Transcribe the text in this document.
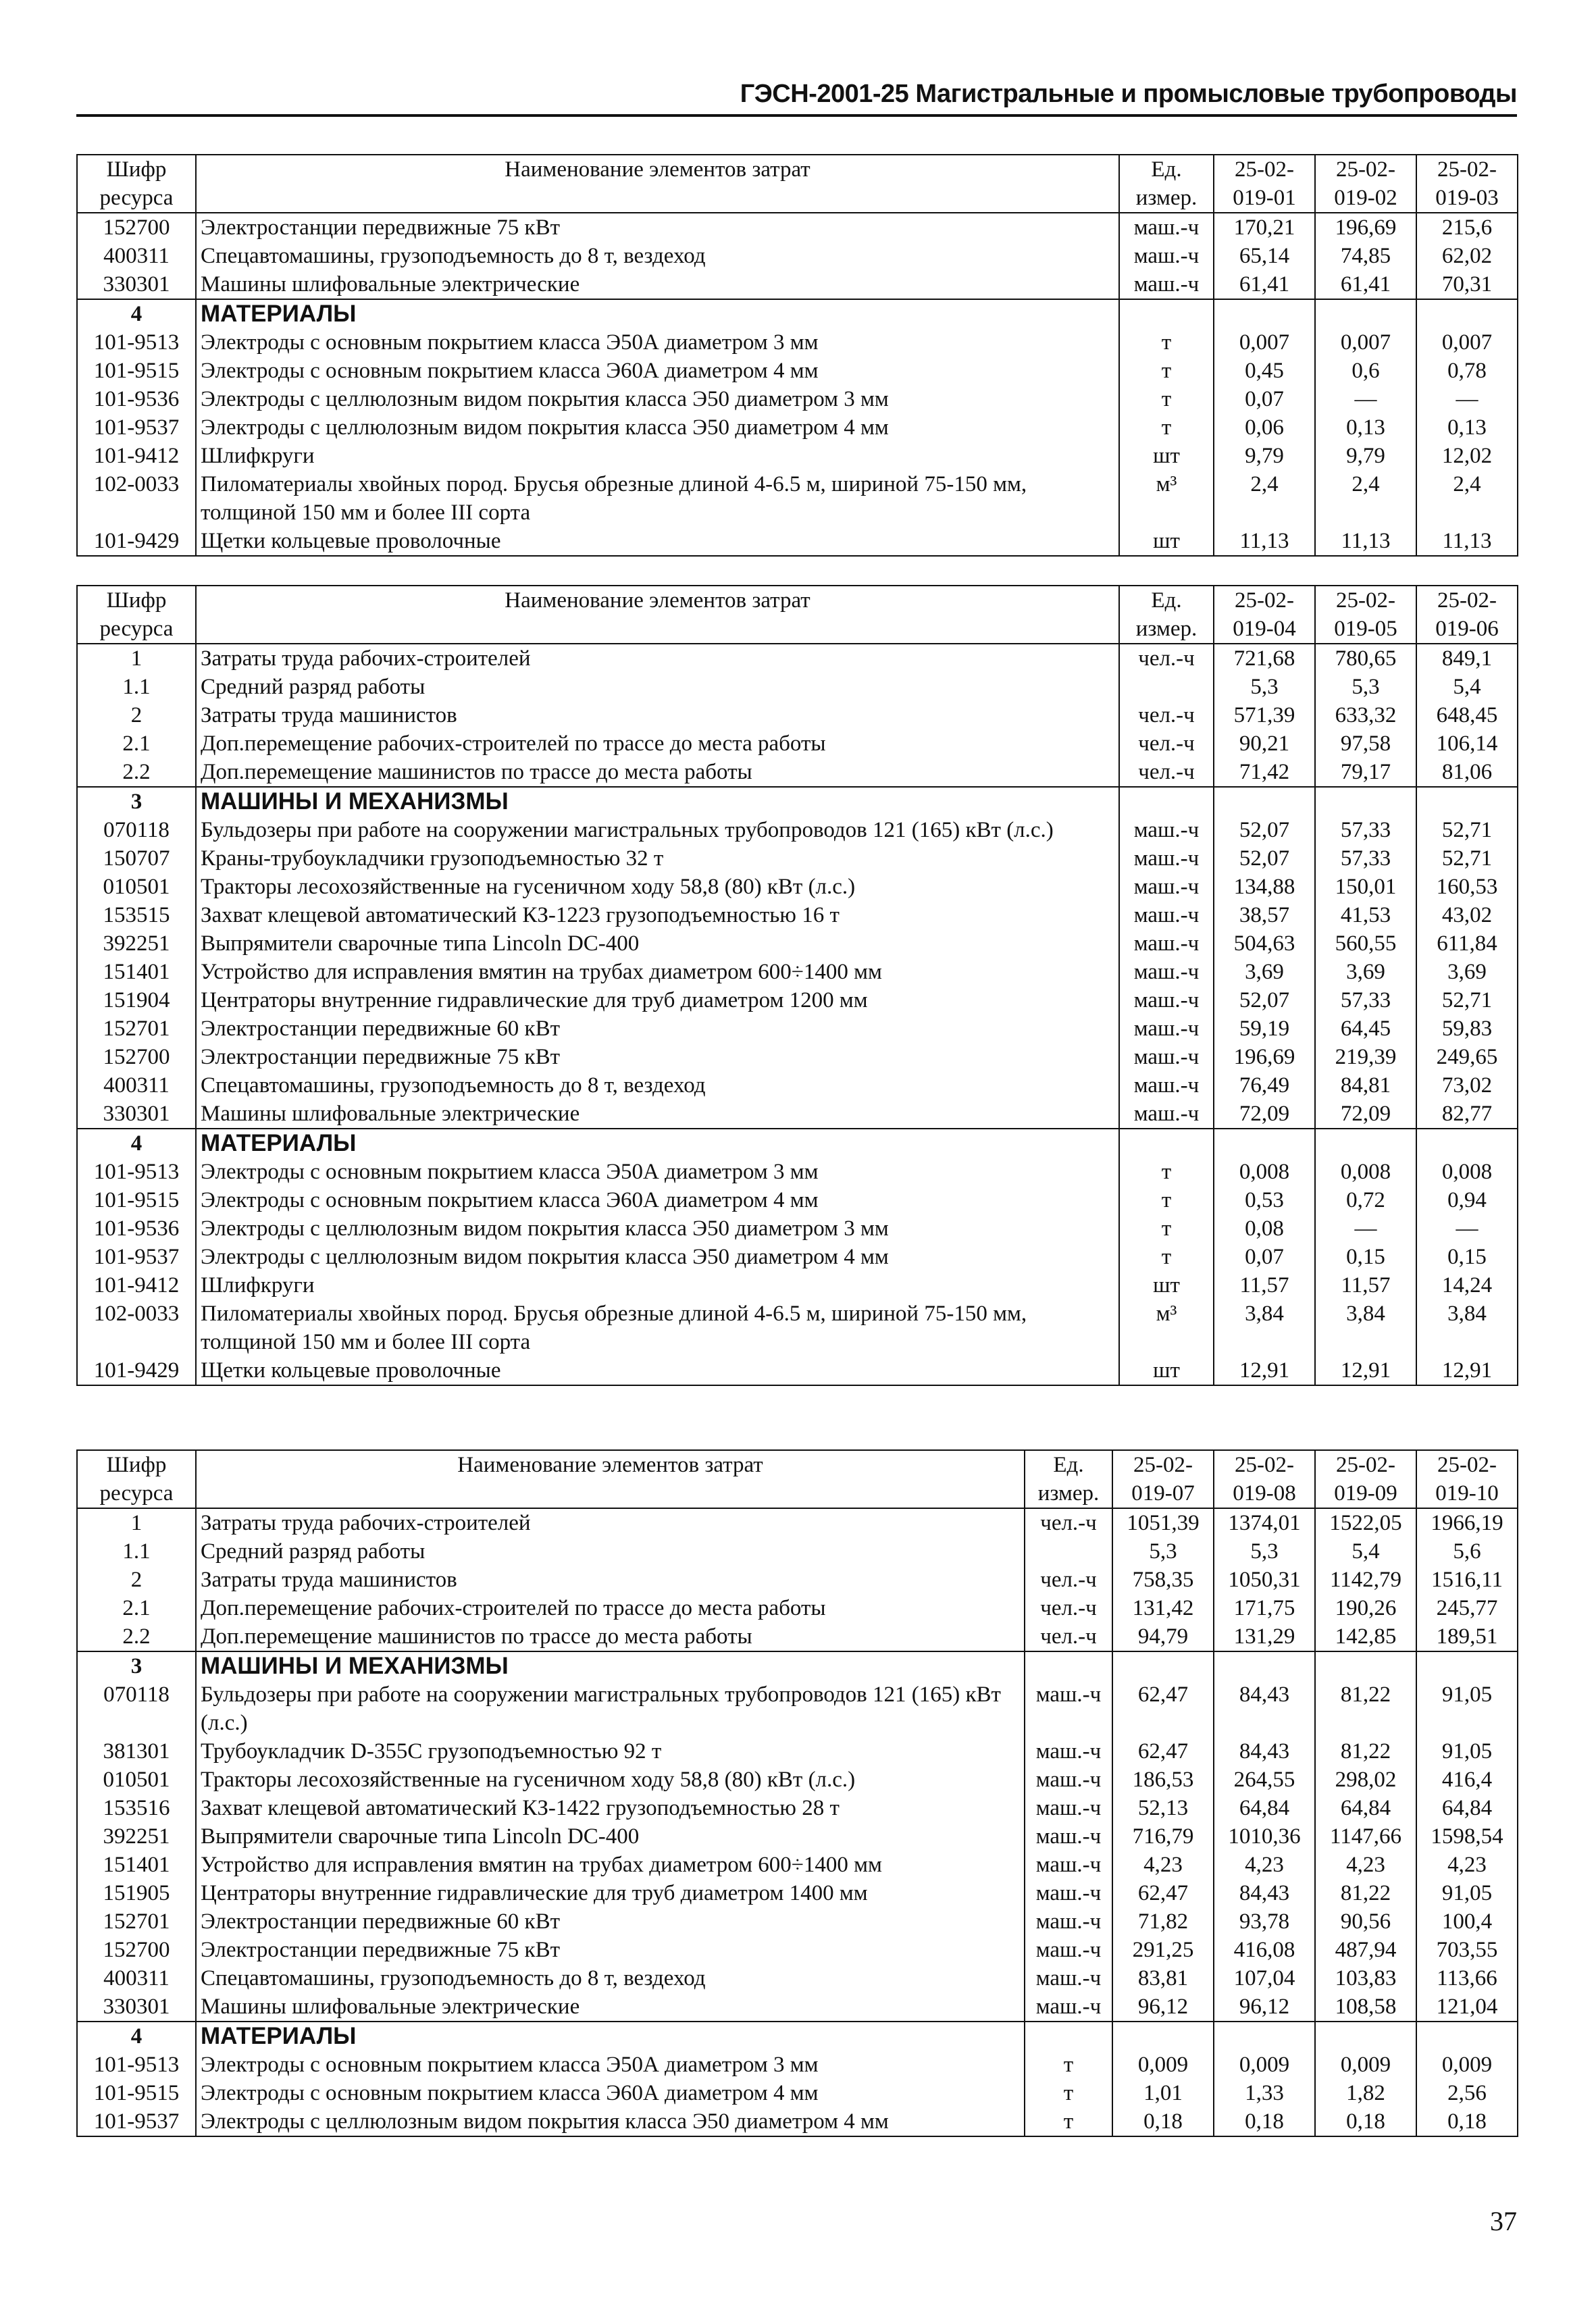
ГЭСН-2001-25 Магистральные и промысловые трубопроводы
Шифр ресурса	Наименование элементов затрат	Ед. измер.	25-02-019-01	25-02-019-02	25-02-019-03
152700	Электростанции передвижные 75 кВт	маш.-ч	170,21	196,69	215,6
400311	Спецавтомашины, грузоподъемность до 8 т, вездеход	маш.-ч	65,14	74,85	62,02
330301	Машины шлифовальные электрические	маш.-ч	61,41	61,41	70,31
4	МАТЕРИАЛЫ				
101-9513	Электроды с основным покрытием класса Э50А диаметром 3 мм	т	0,007	0,007	0,007
101-9515	Электроды с основным покрытием класса Э60А диаметром 4 мм	т	0,45	0,6	0,78
101-9536	Электроды с целлюлозным видом покрытия класса Э50 диаметром 3 мм	т	0,07	—	—
101-9537	Электроды с целлюлозным видом покрытия класса Э50 диаметром 4 мм	т	0,06	0,13	0,13
101-9412	Шлифкруги	шт	9,79	9,79	12,02
102-0033	Пиломатериалы хвойных пород. Брусья обрезные длиной 4-6.5 м, шириной 75-150 мм, толщиной 150 мм и более III сорта	м³	2,4	2,4	2,4
101-9429	Щетки кольцевые проволочные	шт	11,13	11,13	11,13
Шифр ресурса	Наименование элементов затрат	Ед. измер.	25-02-019-04	25-02-019-05	25-02-019-06
1	Затраты труда рабочих-строителей	чел.-ч	721,68	780,65	849,1
1.1	Средний разряд работы		5,3	5,3	5,4
2	Затраты труда машинистов	чел.-ч	571,39	633,32	648,45
2.1	Доп.перемещение рабочих-строителей по трассе до места работы	чел.-ч	90,21	97,58	106,14
2.2	Доп.перемещение машинистов по трассе до места работы	чел.-ч	71,42	79,17	81,06
3	МАШИНЫ И МЕХАНИЗМЫ				
070118	Бульдозеры при работе на сооружении магистральных трубопроводов 121 (165) кВт (л.с.)	маш.-ч	52,07	57,33	52,71
150707	Краны-трубоукладчики грузоподъемностью 32 т	маш.-ч	52,07	57,33	52,71
010501	Тракторы лесохозяйственные на гусеничном ходу 58,8 (80) кВт (л.с.)	маш.-ч	134,88	150,01	160,53
153515	Захват клещевой автоматический КЗ-1223 грузоподъемностью 16 т	маш.-ч	38,57	41,53	43,02
392251	Выпрямители сварочные типа Lincoln DC-400	маш.-ч	504,63	560,55	611,84
151401	Устройство для исправления вмятин на трубах диаметром 600÷1400 мм	маш.-ч	3,69	3,69	3,69
151904	Центраторы внутренние гидравлические для труб диаметром 1200 мм	маш.-ч	52,07	57,33	52,71
152701	Электростанции передвижные 60 кВт	маш.-ч	59,19	64,45	59,83
152700	Электростанции передвижные 75 кВт	маш.-ч	196,69	219,39	249,65
400311	Спецавтомашины, грузоподъемность до 8 т, вездеход	маш.-ч	76,49	84,81	73,02
330301	Машины шлифовальные электрические	маш.-ч	72,09	72,09	82,77
4	МАТЕРИАЛЫ				
101-9513	Электроды с основным покрытием класса Э50А диаметром 3 мм	т	0,008	0,008	0,008
101-9515	Электроды с основным покрытием класса Э60А диаметром 4 мм	т	0,53	0,72	0,94
101-9536	Электроды с целлюлозным видом покрытия класса Э50 диаметром 3 мм	т	0,08	—	—
101-9537	Электроды с целлюлозным видом покрытия класса Э50 диаметром 4 мм	т	0,07	0,15	0,15
101-9412	Шлифкруги	шт	11,57	11,57	14,24
102-0033	Пиломатериалы хвойных пород. Брусья обрезные длиной 4-6.5 м, шириной 75-150 мм, толщиной 150 мм и более III сорта	м³	3,84	3,84	3,84
101-9429	Щетки кольцевые проволочные	шт	12,91	12,91	12,91
Шифр ресурса	Наименование элементов затрат	Ед. измер.	25-02-019-07	25-02-019-08	25-02-019-09	25-02-019-10
1	Затраты труда рабочих-строителей	чел.-ч	1051,39	1374,01	1522,05	1966,19
1.1	Средний разряд работы		5,3	5,3	5,4	5,6
2	Затраты труда машинистов	чел.-ч	758,35	1050,31	1142,79	1516,11
2.1	Доп.перемещение рабочих-строителей по трассе до места работы	чел.-ч	131,42	171,75	190,26	245,77
2.2	Доп.перемещение машинистов по трассе до места работы	чел.-ч	94,79	131,29	142,85	189,51
3	МАШИНЫ И МЕХАНИЗМЫ					
070118	Бульдозеры при работе на сооружении магистральных трубопроводов 121 (165) кВт (л.с.)	маш.-ч	62,47	84,43	81,22	91,05
381301	Трубоукладчик D-355С грузоподъемностью 92 т	маш.-ч	62,47	84,43	81,22	91,05
010501	Тракторы лесохозяйственные на гусеничном ходу 58,8 (80) кВт (л.с.)	маш.-ч	186,53	264,55	298,02	416,4
153516	Захват клещевой автоматический КЗ-1422 грузоподъемностью 28 т	маш.-ч	52,13	64,84	64,84	64,84
392251	Выпрямители сварочные типа Lincoln DC-400	маш.-ч	716,79	1010,36	1147,66	1598,54
151401	Устройство для исправления вмятин на трубах диаметром 600÷1400 мм	маш.-ч	4,23	4,23	4,23	4,23
151905	Центраторы внутренние гидравлические для труб диаметром 1400 мм	маш.-ч	62,47	84,43	81,22	91,05
152701	Электростанции передвижные 60 кВт	маш.-ч	71,82	93,78	90,56	100,4
152700	Электростанции передвижные 75 кВт	маш.-ч	291,25	416,08	487,94	703,55
400311	Спецавтомашины, грузоподъемность до 8 т, вездеход	маш.-ч	83,81	107,04	103,83	113,66
330301	Машины шлифовальные электрические	маш.-ч	96,12	96,12	108,58	121,04
4	МАТЕРИАЛЫ					
101-9513	Электроды с основным покрытием класса Э50А диаметром 3 мм	т	0,009	0,009	0,009	0,009
101-9515	Электроды с основным покрытием класса Э60А диаметром 4 мм	т	1,01	1,33	1,82	2,56
101-9537	Электроды с целлюлозным видом покрытия класса Э50 диаметром 4 мм	т	0,18	0,18	0,18	0,18
37
